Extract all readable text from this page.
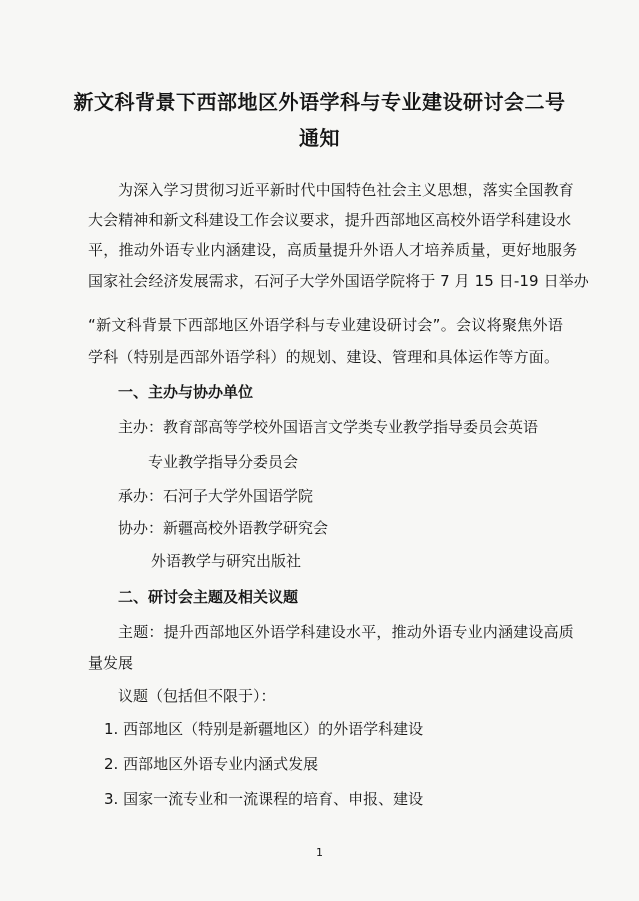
新文科背景下西部地区外语学科与专业建设研讨会二号
通知
为深入学习贯彻习近平新时代中国特色社会主义思想，落实全国教育
大会精神和新文科建设工作会议要求，提升西部地区高校外语学科建设水
平，推动外语专业内涵建设，高质量提升外语人才培养质量，更好地服务
国家社会经济发展需求，石河子大学外国语学院将于 7 月 15 日-19 日举办
“新文科背景下西部地区外语学科与专业建设研讨会”。会议将聚焦外语
学科（特别是西部外语学科）的规划、建设、管理和具体运作等方面。
一、主办与协办单位
主办：教育部高等学校外国语言文学类专业教学指导委员会英语
专业教学指导分委员会
承办：石河子大学外国语学院
协办：新疆高校外语教学研究会
外语教学与研究出版社
二、研讨会主题及相关议题
主题：提升西部地区外语学科建设水平，推动外语专业内涵建设高质
量发展
议题（包括但不限于）：
1. 西部地区（特别是新疆地区）的外语学科建设
2. 西部地区外语专业内涵式发展
3. 国家一流专业和一流课程的培育、申报、建设
1
